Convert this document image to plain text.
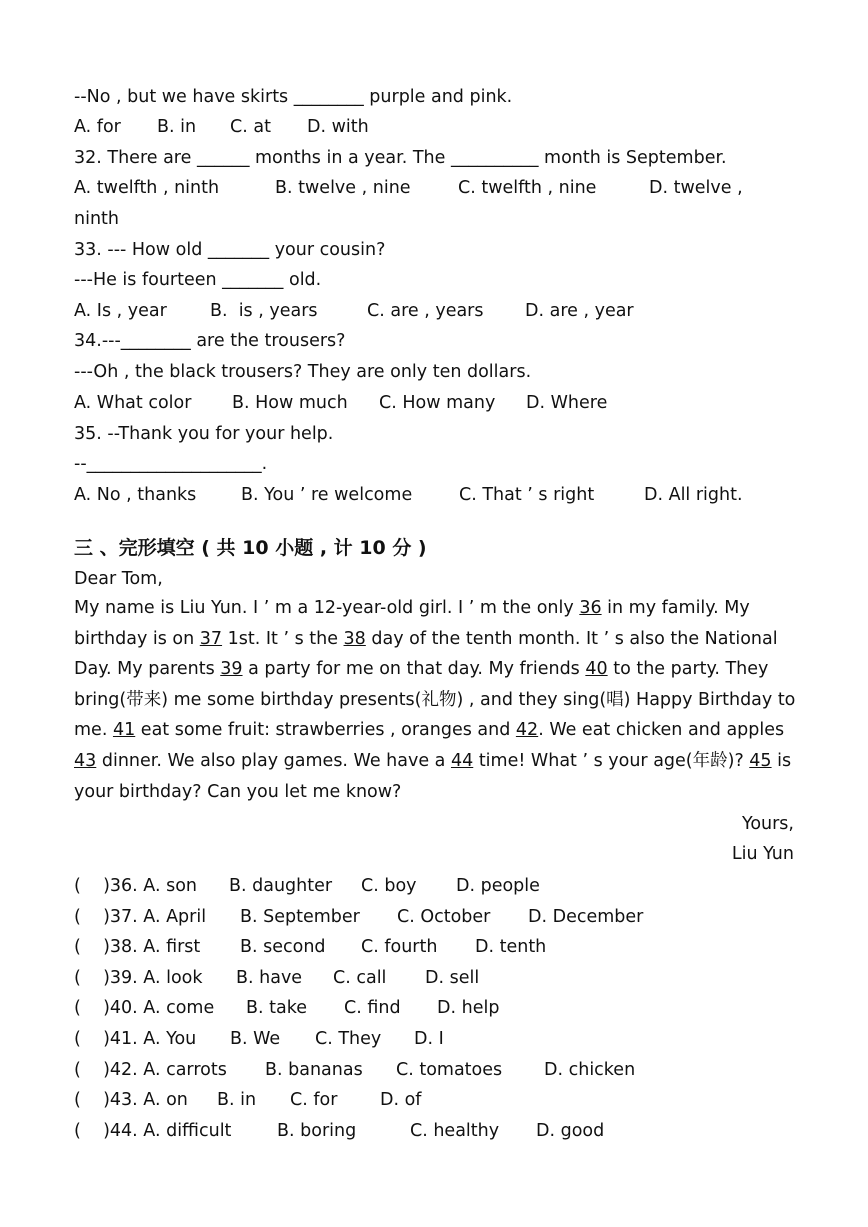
--No , but we have skirts ________ purple and pink.

A. for

B. in

C. at

D. with

32. There are ______ months in a year. The __________ month is September.

A. twelfth , ninth

	B. twelve , nine

	C. twelfth , nine

	D. twelve ,

ninth
33. --- How old _______ your cousin?
---He is fourteen _______ old.

A. Is , year

B.  is , years

	C. are , years

D. are , year

34.---________ are the trousers?
---Oh , the black trousers? They are only ten dollars.

A. What color

B. How much

C. How many

D. Where

35. --Thank you for your help.
--____________________.

A. No , thanks

	B. You ’ re welcome

	C. That ’ s right

	D. All right.

三 、完形填空 ( 共 10 小题 , 计 10 分 )
Dear Tom,
My name is Liu Yun. I ’ m a 12-year-old girl. I ’ m the only 36 in my family. My birthday is on 37 1st. It ’ s the 38 day of the tenth month. It ’ s also the National Day. My parents 39 a party for me on that day. My friends 40 to the party. They bring(带来) me some birthday presents(礼物) , and they sing(唱) Happy Birthday to me. 41 eat some fruit: strawberries , oranges and 42. We eat chicken and apples 43 dinner. We also play games. We have a 44 time! What ’ s your age(年龄)? 45 is your birthday? Can you let me know?
Yours,
Liu Yun
(    )36. A. son B. daughter C. boy D. people
(    )37. A. April B. September C. October D. December
(    )38. A. first B. second C. fourth D. tenth
(    )39. A. look B. have C. call D. sell
(    )40. A. come B. take C. find D. help
(    )41. A. You B. We C. They D. I
(    )42. A. carrots B. bananas C. tomatoes D. chicken
(    )43. A. on B. in C. for D. of
(    )44. A. difficult	B. boring	C. healthy D. good
